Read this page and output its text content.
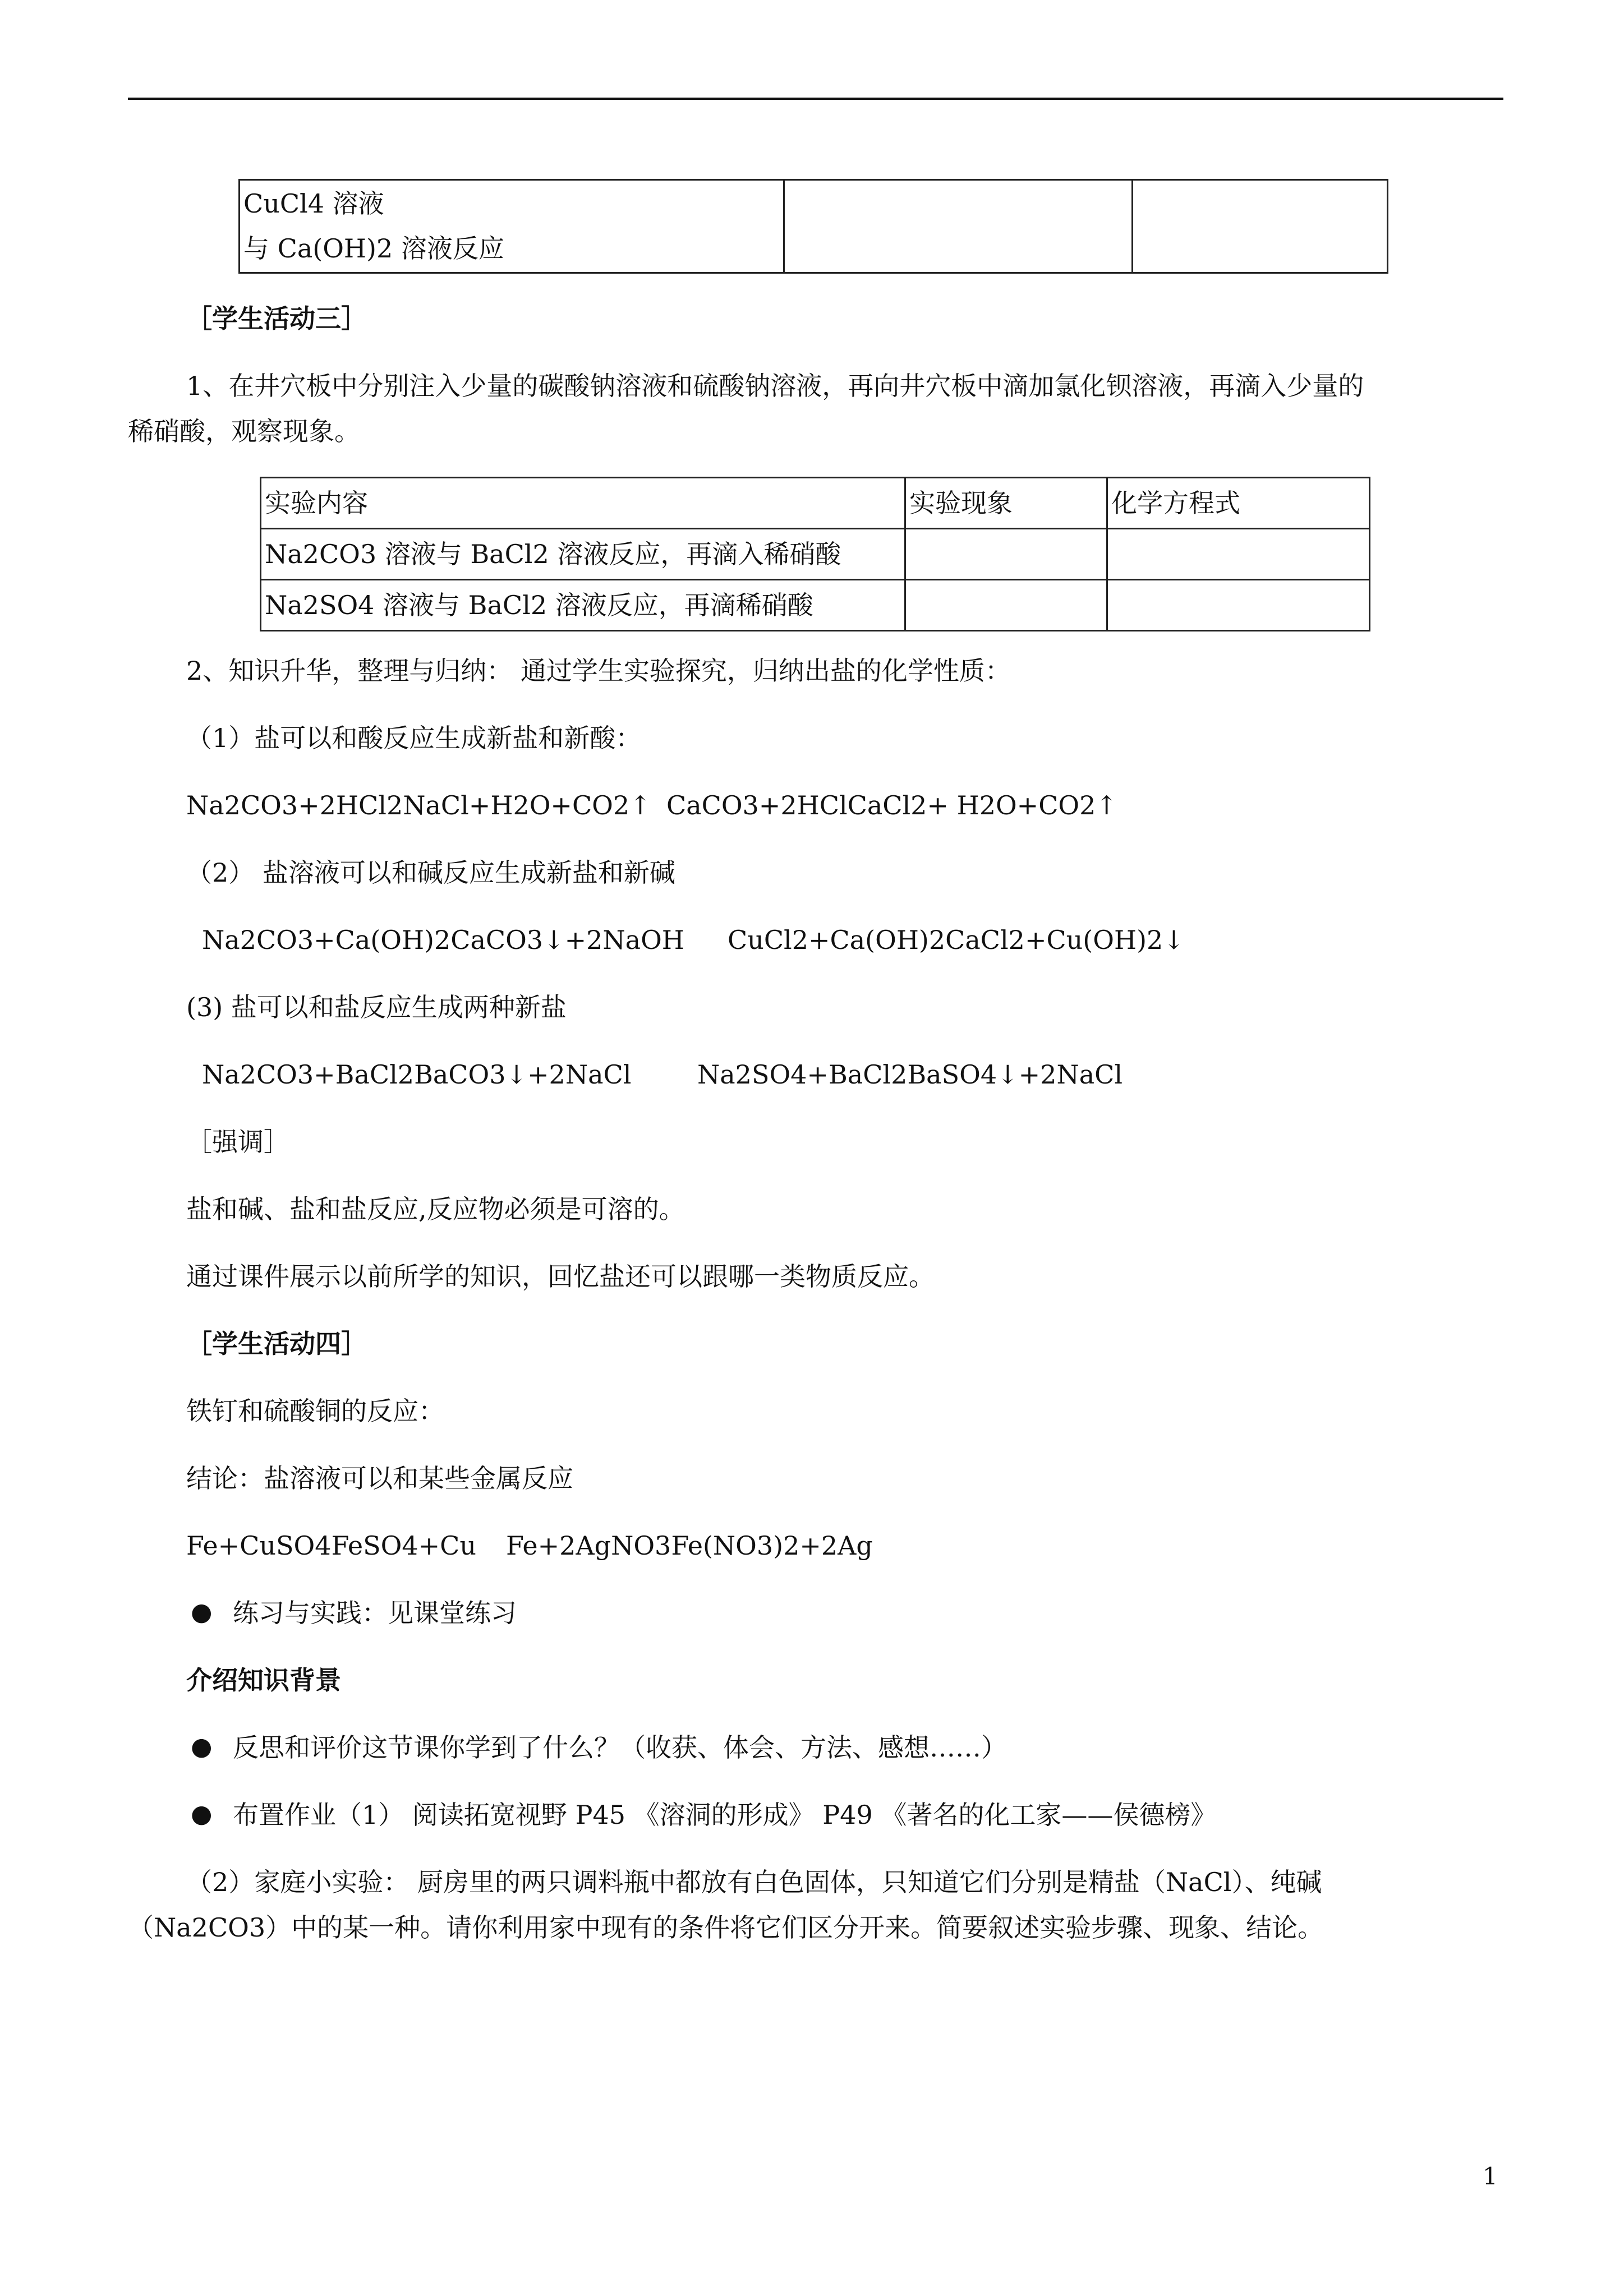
CuCl4 溶液
与 Ca(OH)2 溶液反应

［学生活动三］
1、在井穴板中分别注入少量的碳酸钠溶液和硫酸钠溶液，再向井穴板中滴加氯化钡溶液，再滴入少量的
稀硝酸，观察现象。
实验内容	实验现象	化学方程式
Na2CO3 溶液与 BaCl2 溶液反应，再滴入稀硝酸		
Na2SO4 溶液与 BaCl2 溶液反应，再滴稀硝酸		
2、知识升华，整理与归纳： 通过学生实验探究，归纳出盐的化学性质：
（1）盐可以和酸反应生成新盐和新酸：
Na2CO3+2HCl2NaCl+H2O+CO2↑ CaCO3+2HClCaCl2+ H2O+CO2↑
（2） 盐溶液可以和碱反应生成新盐和新碱
Na2CO3+Ca(OH)2CaCO3↓+2NaOH CuCl2+Ca(OH)2CaCl2+Cu(OH)2↓
(3) 盐可以和盐反应生成两种新盐
Na2CO3+BaCl2BaCO3↓+2NaCl	Na2SO4+BaCl2BaSO4↓+2NaCl
［强调］
盐和碱、盐和盐反应,反应物必须是可溶的。
通过课件展示以前所学的知识，回忆盐还可以跟哪一类物质反应。
［学生活动四］
铁钉和硫酸铜的反应：
结论：盐溶液可以和某些金属反应
Fe+CuSO4FeSO4+Cu Fe+2AgNO3Fe(NO3)2+2Ag
● 练习与实践：见课堂练习
介绍知识背景
● 反思和评价这节课你学到了什么？（收获、体会、方法、感想……）
● 布置作业（1） 阅读拓宽视野 P45 《溶洞的形成》 P49 《著名的化工家——侯德榜》
（2）家庭小实验： 厨房里的两只调料瓶中都放有白色固体，只知道它们分别是精盐（NaCl）、纯碱
（Na2CO3）中的某一种。请你利用家中现有的条件将它们区分开来。简要叙述实验步骤、现象、结论。
1
